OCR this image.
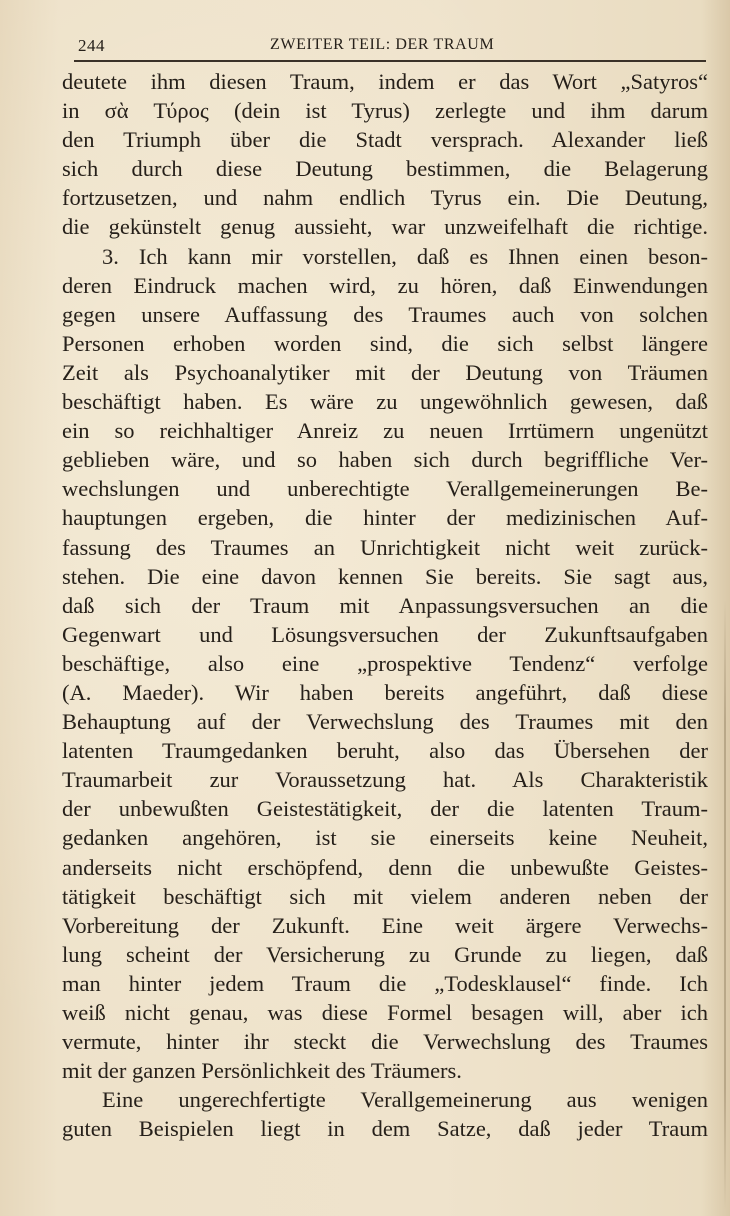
244	ZWEITER TEIL: DER TRAUM
deutete ihm diesen Traum, indem er das Wort „Satyros“
in σὰ Τύρος (dein ist Tyrus) zerlegte und ihm darum
den Triumph über die Stadt versprach. Alexander ließ
sich durch diese Deutung bestimmen, die Belagerung
fortzusetzen, und nahm endlich Tyrus ein. Die Deutung,
die gekünstelt genug aussieht, war unzweifelhaft die richtige.
3. Ich kann mir vorstellen, daß es Ihnen einen beson-
deren Eindruck machen wird, zu hören, daß Einwendungen
gegen unsere Auffassung des Traumes auch von solchen
Personen erhoben worden sind, die sich selbst längere
Zeit als Psychoanalytiker mit der Deutung von Träumen
beschäftigt haben. Es wäre zu ungewöhnlich gewesen, daß
ein so reichhaltiger Anreiz zu neuen Irrtümern ungenützt
geblieben wäre, und so haben sich durch begriffliche Ver-
wechslungen und unberechtigte Verallgemeinerungen Be-
hauptungen ergeben, die hinter der medizinischen Auf-
fassung des Traumes an Unrichtigkeit nicht weit zurück-
stehen. Die eine davon kennen Sie bereits. Sie sagt aus,
daß sich der Traum mit Anpassungsversuchen an die
Gegenwart und Lösungsversuchen der Zukunftsaufgaben
beschäftige, also eine „prospektive Tendenz“ verfolge
(A. Maeder). Wir haben bereits angeführt, daß diese
Behauptung auf der Verwechslung des Traumes mit den
latenten Traumgedanken beruht, also das Übersehen der
Traumarbeit zur Voraussetzung hat. Als Charakteristik
der unbewußten Geistestätigkeit, der die latenten Traum-
gedanken angehören, ist sie einerseits keine Neuheit,
anderseits nicht erschöpfend, denn die unbewußte Geistes-
tätigkeit beschäftigt sich mit vielem anderen neben der
Vorbereitung der Zukunft. Eine weit ärgere Verwechs-
lung scheint der Versicherung zu Grunde zu liegen, daß
man hinter jedem Traum die „Todesklausel“ finde. Ich
weiß nicht genau, was diese Formel besagen will, aber ich
vermute, hinter ihr steckt die Verwechslung des Traumes
mit der ganzen Persönlichkeit des Träumers.
Eine ungerechfertigte Verallgemeinerung aus wenigen
guten Beispielen liegt in dem Satze, daß jeder Traum
